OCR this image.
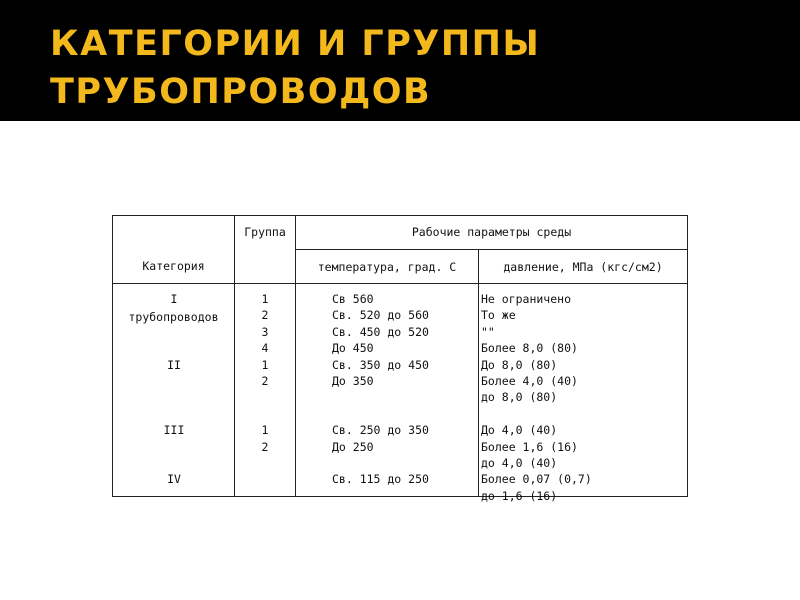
КАТЕГОРИИ И ГРУППЫ
ТРУБОПРОВОДОВ

Категория

трубопроводов

Группа	Рабочие параметры среды
температура, град. С	давление, МПа (кгс/см2)
I
II
III
IV
1
2
3
4
1
2
1
2
Св 560
Св. 520 до 560
Св. 450 до 520
До 450
Св. 350 до 450
До 350
Св. 250 до 350
До 250
Св. 115 до 250
Не ограничено
То же
""
Более 8,0 (80)
До 8,0 (80)
Более 4,0 (40)
до 8,0 (80)
До 4,0 (40)
Более 1,6 (16)
до 4,0 (40)
Более 0,07 (0,7)
до 1,6 (16)
